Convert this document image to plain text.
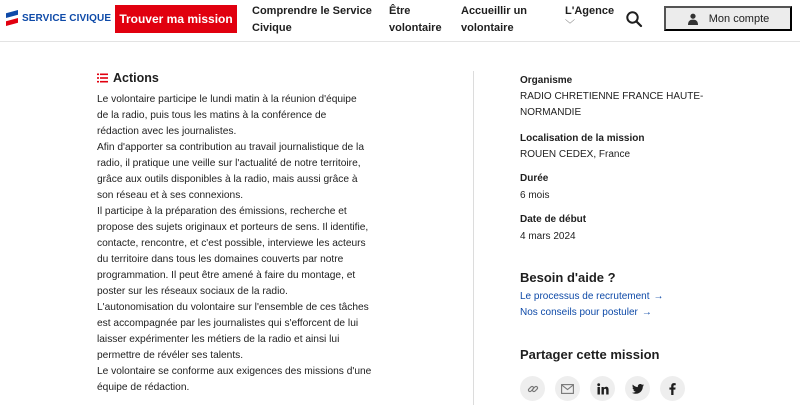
SERVICE CIVIQUE Trouver ma mission
Comprendre le Service Civique
Être volontaire
Accueillir un volontaire
L'Agence
﹀
Mon compte
Actions

Le volontaire participe le lundi matin à la réunion d'équipe

de la radio, puis tous les matins à la conférence de

rédaction avec les journalistes.

Afin d'apporter sa contribution au travail journalistique de la

radio, il pratique une veille sur l'actualité de notre territoire,

grâce aux outils disponibles à la radio, mais aussi grâce à

son réseau et à ses connexions.

Il participe à la préparation des émissions, recherche et

propose des sujets originaux et porteurs de sens. Il identifie,

contacte, rencontre, et c'est possible, interviewe les acteurs

du territoire dans tous les domaines couverts par notre

programmation. Il peut être amené à faire du montage, et

poster sur les réseaux sociaux de la radio.

L'autonomisation du volontaire sur l'ensemble de ces tâches

est accompagnée par les journalistes qui s'efforcent de lui

laisser expérimenter les métiers de la radio et ainsi lui

permettre de révéler ses talents.

Le volontaire se conforme aux exigences des missions d'une

équipe de rédaction.

Organisme
RADIO CHRETIENNE FRANCE HAUTE-NORMANDIE
Localisation de la mission
ROUEN CEDEX, France
Durée
6 mois
Date de début
4 mars 2024
Besoin d'aide ?
Le processus de recrutement →
Nos conseils pour postuler →
Partager cette mission
